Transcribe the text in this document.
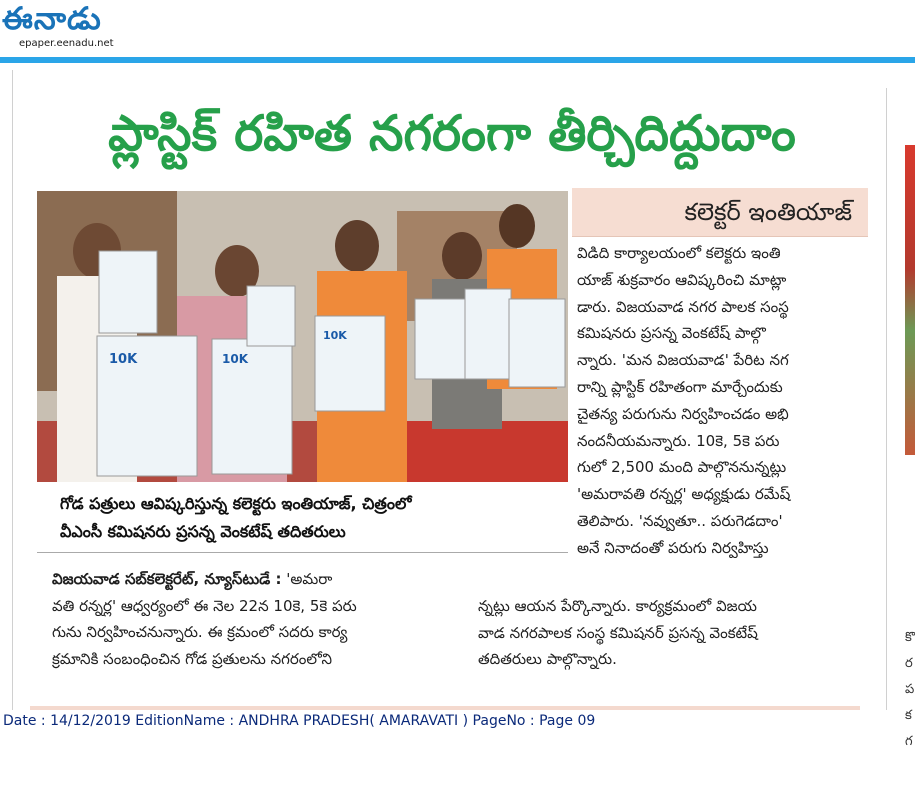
ఈనాడు
epaper.eenadu.net
ప్లాస్టిక్ రహిత నగరంగా తీర్చిదిద్దుదాం
10K	10K
10K
కలెక్టర్ ఇంతియాజ్
గోడ పత్రులు ఆవిష్కరిస్తున్న కలెక్టరు ఇంతియాజ్, చిత్రంలో
వీఎంసీ కమిషనరు ప్రసన్న వెంకటేష్ తదితరులు
విడిది కార్యాలయంలో కలెక్టరు ఇంతి
యాజ్ శుక్రవారం ఆవిష్కరించి మాట్లా
డారు. విజయవాడ నగర పాలక సంస్థ
కమిషనరు ప్రసన్న వెంకటేష్ పాల్గొ
న్నారు. 'మన విజయవాడ' పేరిట నగ
రాన్ని ప్లాస్టిక్ రహితంగా మార్చేందుకు
చైతన్య పరుగును నిర్వహించడం అభి
నందనీయమన్నారు. 10కె, 5కె పరు
గులో 2,500 మంది పాల్గొననున్నట్లు
'అమరావతి రన్నర్ల' అధ్యక్షుడు రమేష్
తెలిపారు. 'నవ్వుతూ.. పరుగెడదాం'
అనే నినాదంతో పరుగు నిర్వహిస్తు
విజయవాడ సబ్‌కలెక్టరేట్, న్యూస్‌టుడే : 'అమరా
వతి రన్నర్ల' ఆధ్వర్యంలో ఈ నెల 22న 10కె, 5కె పరు
గును నిర్వహించనున్నారు. ఈ క్రమంలో సదరు కార్య
క్రమానికి సంబంధించిన గోడ ప్రతులను నగరంలోని
న్నట్లు ఆయన పేర్కొన్నారు. కార్యక్రమంలో విజయ
వాడ నగరపాలక సంస్థ కమిషనర్ ప్రసన్న వెంకటేష్
తదితరులు పాల్గొన్నారు.
కొ
ర
ప
క
గ
Date : 14/12/2019 EditionName : ANDHRA PRADESH( AMARAVATI ) PageNo : Page 09
